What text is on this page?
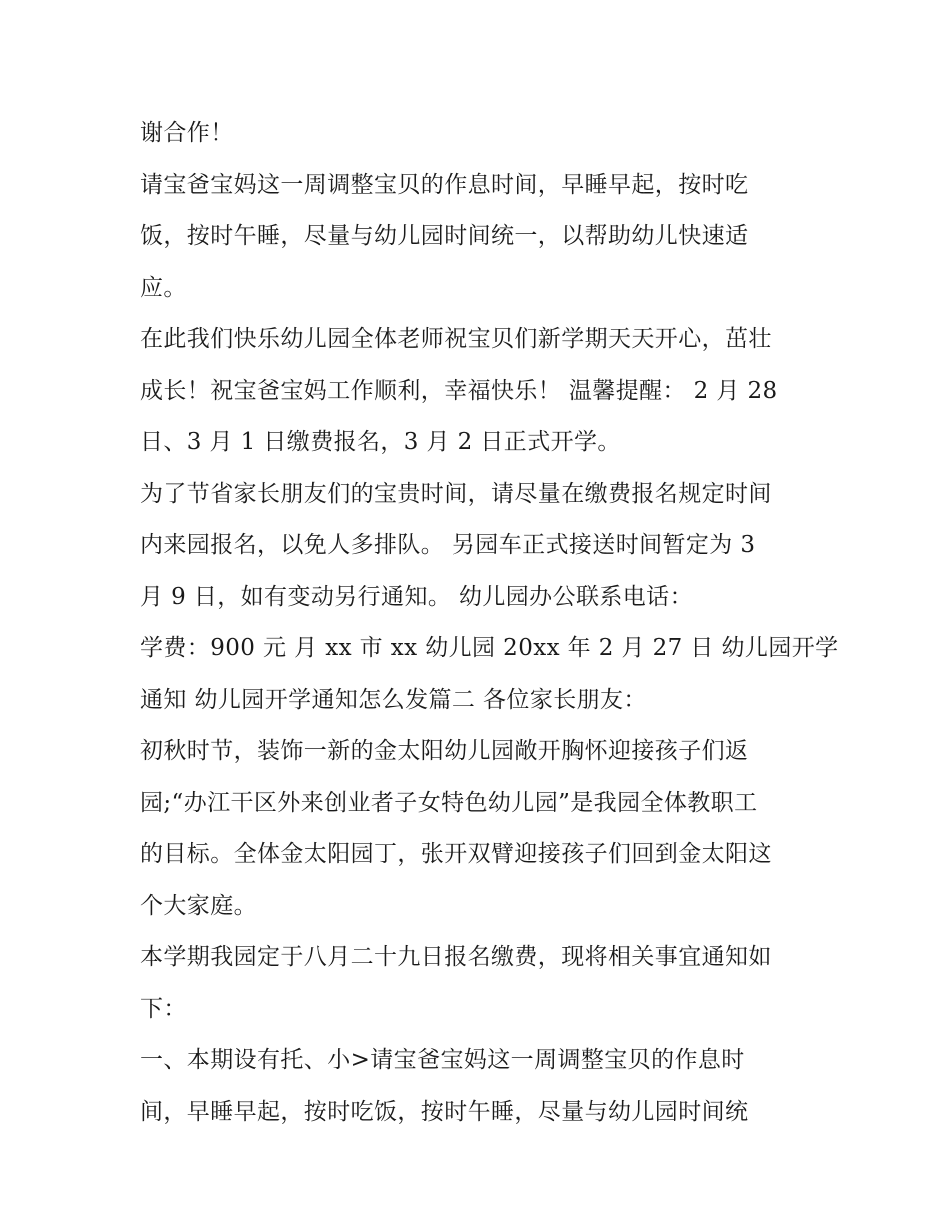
谢合作！
请宝爸宝妈这一周调整宝贝的作息时间，早睡早起，按时吃
饭，按时午睡，尽量与幼儿园时间统一，以帮助幼儿快速适
应。
在此我们快乐幼儿园全体老师祝宝贝们新学期天天开心，茁壮
成长！祝宝爸宝妈工作顺利，幸福快乐！ 温馨提醒： 2 月 28
日、3 月 1 日缴费报名，3 月 2 日正式开学。
为了节省家长朋友们的宝贵时间，请尽量在缴费报名规定时间
内来园报名，以免人多排队。 另园车正式接送时间暂定为 3
月 9 日，如有变动另行通知。 幼儿园办公联系电话：
学费：900 元 月 xx 市 xx 幼儿园 20xx 年 2 月 27 日 幼儿园开学
通知 幼儿园开学通知怎么发篇二 各位家长朋友：
初秋时节，装饰一新的金太阳幼儿园敞开胸怀迎接孩子们返
园;“办江干区外来创业者子女特色幼儿园”是我园全体教职工
的目标。全体金太阳园丁，张开双臂迎接孩子们回到金太阳这
个大家庭。
本学期我园定于八月二十九日报名缴费，现将相关事宜通知如
下：
一、本期设有托、小>请宝爸宝妈这一周调整宝贝的作息时
间，早睡早起，按时吃饭，按时午睡，尽量与幼儿园时间统
